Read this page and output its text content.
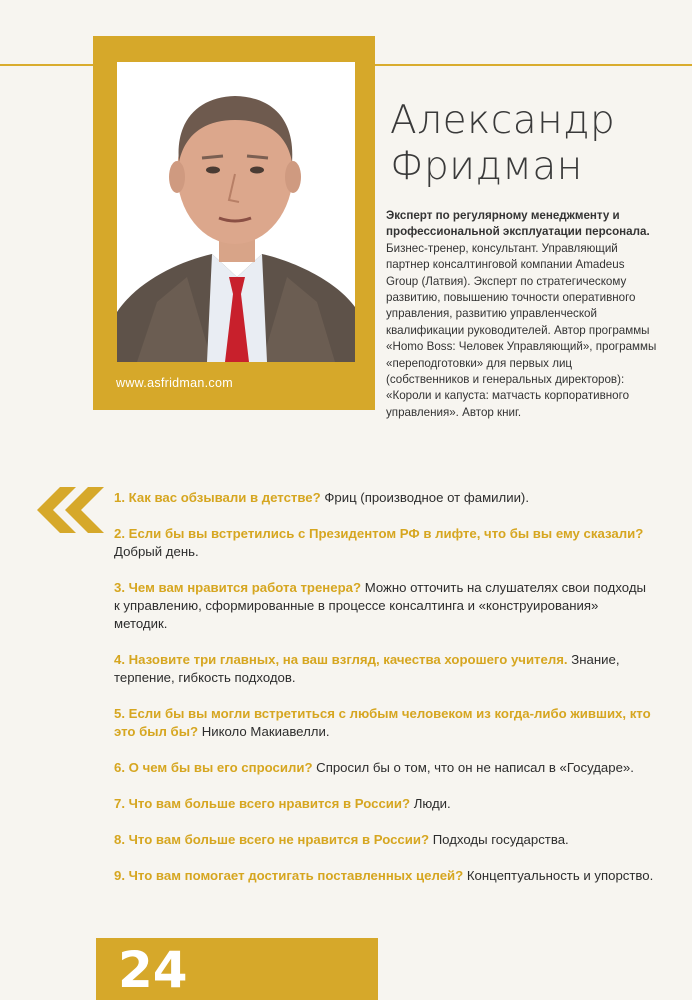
www.asfridman.com
Александр
Фридман
Эксперт по регулярному менеджменту и профессиональной эксплуатации персонала.
Бизнес-тренер, консультант. Управляющий партнер консалтинговой компании Amadeus Group (Латвия). Эксперт по стратегическому развитию, повышению точности оперативного управления, развитию управленческой квалификации руководителей. Автор программы «Homo Boss: Человек Управляющий», программы «переподготовки» для первых лиц (собственников и генеральных директоров): «Короли и капуста: матчасть корпоративного управления». Автор книг.
1. Как вас обзывали в детстве? Фриц (производное от фамилии).
2. Если бы вы встретились с Президентом РФ в лифте, что бы вы ему сказали? Добрый день.
3. Чем вам нравится работа тренера? Можно отточить на слушателях свои подходы к управлению, сформированные в процессе консалтинга и «конструирования» методик.
4. Назовите три главных, на ваш взгляд, качества хорошего учителя. Знание, терпение, гибкость подходов.
5. Если бы вы могли встретиться с любым человеком из когда-либо живших, кто это был бы? Николо Макиавелли.
6. О чем бы вы его спросили? Спросил бы о том, что он не написал в «Государе».
7. Что вам больше всего нравится в России? Люди.
8. Что вам больше всего не нравится в России? Подходы государства.
9. Что вам помогает достигать поставленных целей? Концептуальность и упорство.
24
